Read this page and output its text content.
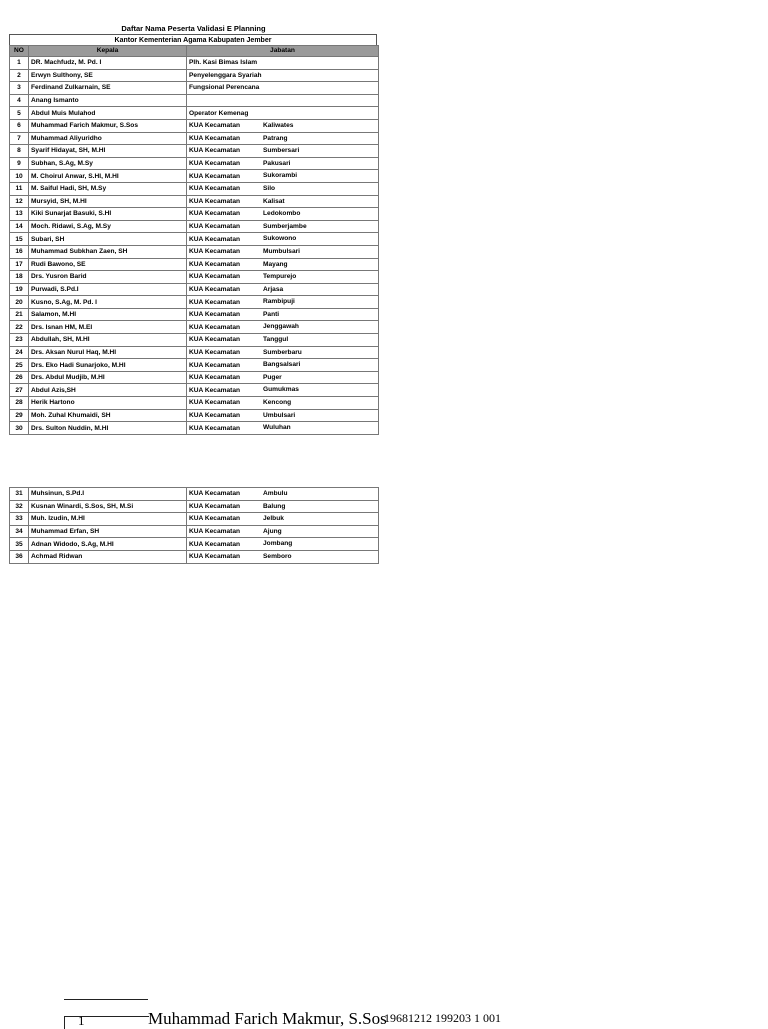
Daftar Nama Peserta Validasi E Planning
Kantor Kementerian Agama Kabupaten Jember
NO	Kepala	Jabatan
1	DR. Machfudz, M. Pd. I	Plh. Kasi Bimas Islam

2	Erwyn Sulthony, SE	Penyelenggara Syariah

3	Ferdinand Zulkarnain, SE	Fungsional Perencana

4	Anang Ismanto	

5	Abdul Muis Mulahod	Operator Kemenag

6	Muhammad Farich Makmur, S.Sos	KUA Kecamatan Kaliwates

7	Muhammad Aliyuridho	KUA Kecamatan Patrang

8	Syarif Hidayat, SH, M.HI	KUA Kecamatan Sumbersari

9	Subhan, S.Ag, M.Sy	KUA Kecamatan Pakusari

10	M. Choirul Anwar, S.HI, M.HI	KUA Kecamatan Sukorambi

11	M. Saiful Hadi, SH, M.Sy	KUA Kecamatan Silo

12	Mursyid, SH, M.HI	KUA Kecamatan Kalisat

13	Kiki Sunarjat Basuki, S.HI	KUA Kecamatan Ledokombo

14	Moch. Ridawi, S.Ag, M.Sy	KUA Kecamatan Sumberjambe

15	Subari, SH	KUA Kecamatan Sukowono

16	Muhammad Subkhan Zaen, SH	KUA Kecamatan Mumbulsari

17	Rudi Bawono, SE	KUA Kecamatan Mayang

18	Drs. Yusron Barid	KUA Kecamatan Tempurejo

19	Purwadi, S.Pd.I	KUA Kecamatan Arjasa

20	Kusno, S.Ag, M. Pd. I	KUA Kecamatan Rambipuji

21	Salamon, M.HI	KUA Kecamatan Panti

22	Drs. Isnan HM, M.EI	KUA Kecamatan Jenggawah

23	Abdullah, SH, M.HI	KUA Kecamatan Tanggul

24	Drs. Aksan Nurul Haq, M.HI	KUA Kecamatan Sumberbaru

25	Drs. Eko Hadi Sunarjoko, M.HI	KUA Kecamatan Bangsalsari

26	Drs. Abdul Mudjib, M.HI	KUA Kecamatan Puger

27	Abdul Azis,SH	KUA Kecamatan Gumukmas

28	Herik Hartono	KUA Kecamatan Kencong

29	Moh. Zuhal Khumaidi, SH	KUA Kecamatan Umbulsari

30	Drs. Sulton Nuddin, M.HI	KUA Kecamatan Wuluhan
31	Muhsinun, S.Pd.I	KUA Kecamatan Ambulu

32	Kusnan Winardi, S.Sos, SH, M.Si	KUA Kecamatan Balung

33	Muh. Izudin, M.HI	KUA Kecamatan Jelbuk

34	Muhammad Erfan, SH	KUA Kecamatan Ajung

35	Adnan Widodo, S.Ag, M.HI	KUA Kecamatan Jombang

36	Achmad Ridwan	KUA Kecamatan Semboro
1	Muhammad Farich Makmur, S.Sos
19681212 199203 1 001
